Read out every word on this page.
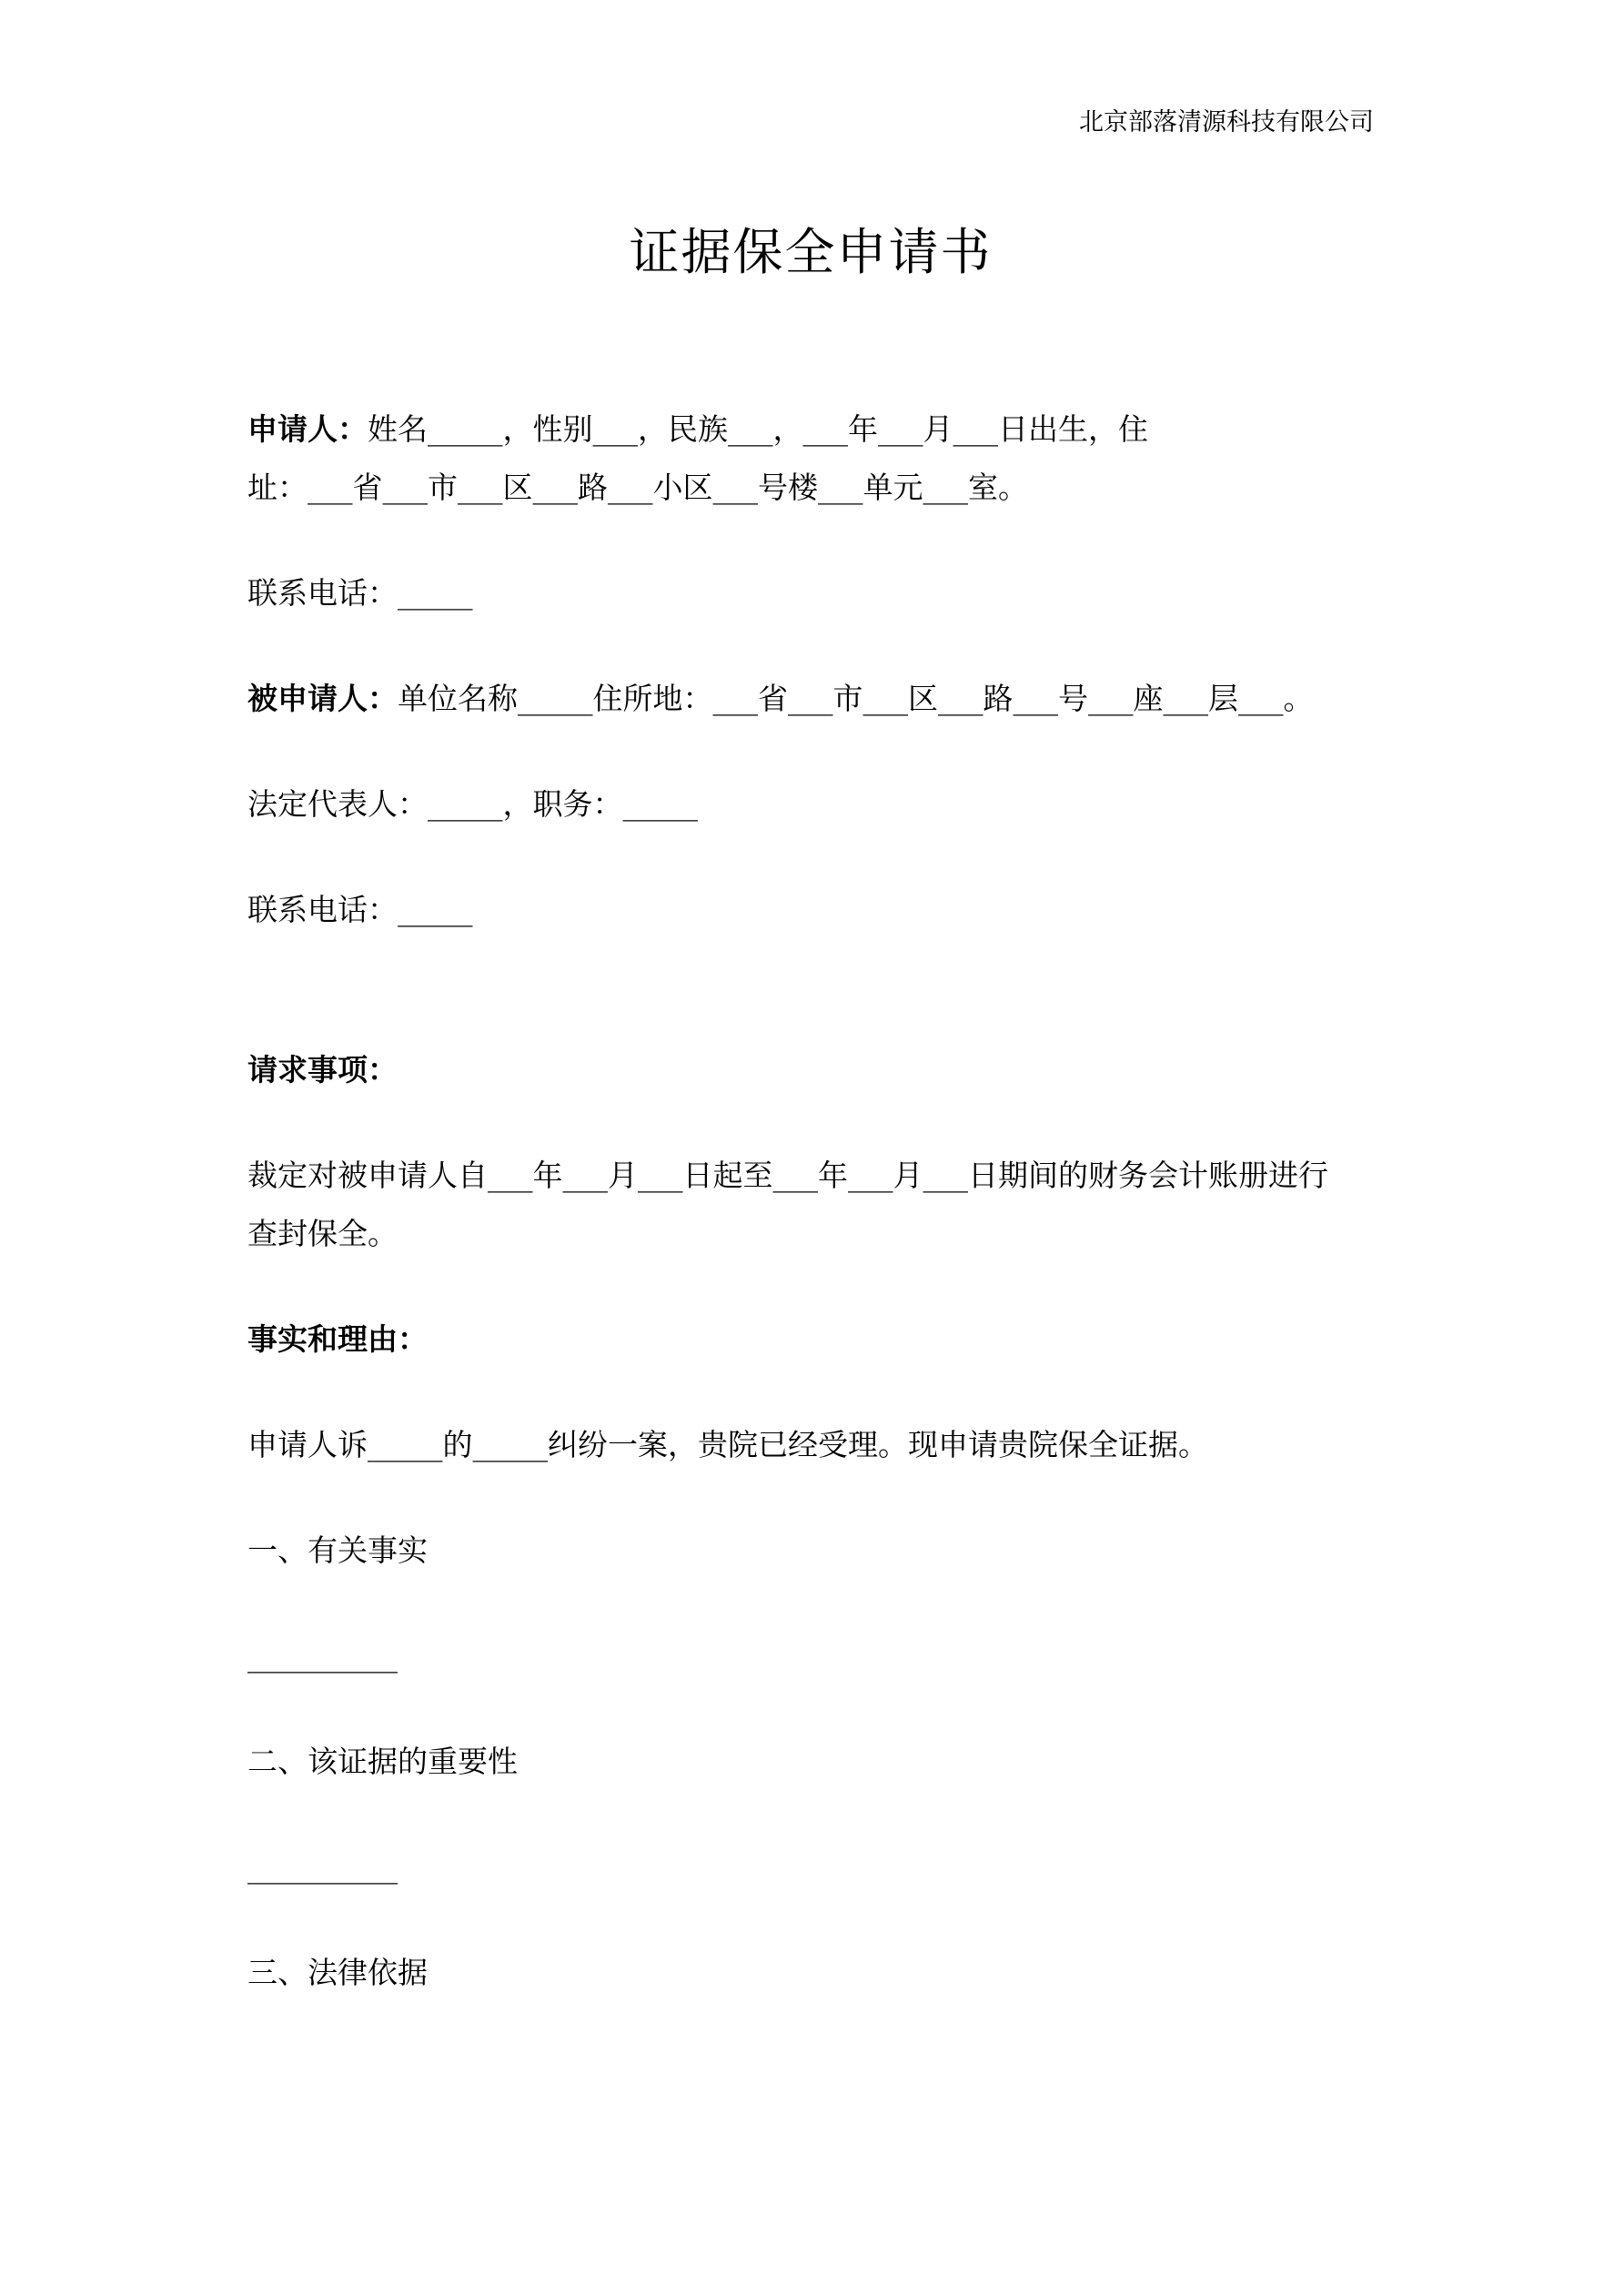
北京部落清源科技有限公司
证据保全申请书

申请人：姓名_____，性别___，民族___，___年___月___日出生，住
址：___省___市___区___路___小区___号楼___单元___室。

联系电话：_____

被申请人：单位名称_____住所地：___省___市___区___路___号___座___层___。

法定代表人：_____，职务：_____

联系电话：_____

请求事项：

裁定对被申请人自___年___月___日起至___年___月___日期间的财务会计账册进行
查封保全。

事实和理由：

申请人诉_____的_____纠纷一案，贵院已经受理。现申请贵院保全证据。

一、有关事实

__________

二、该证据的重要性

__________

三、法律依据
